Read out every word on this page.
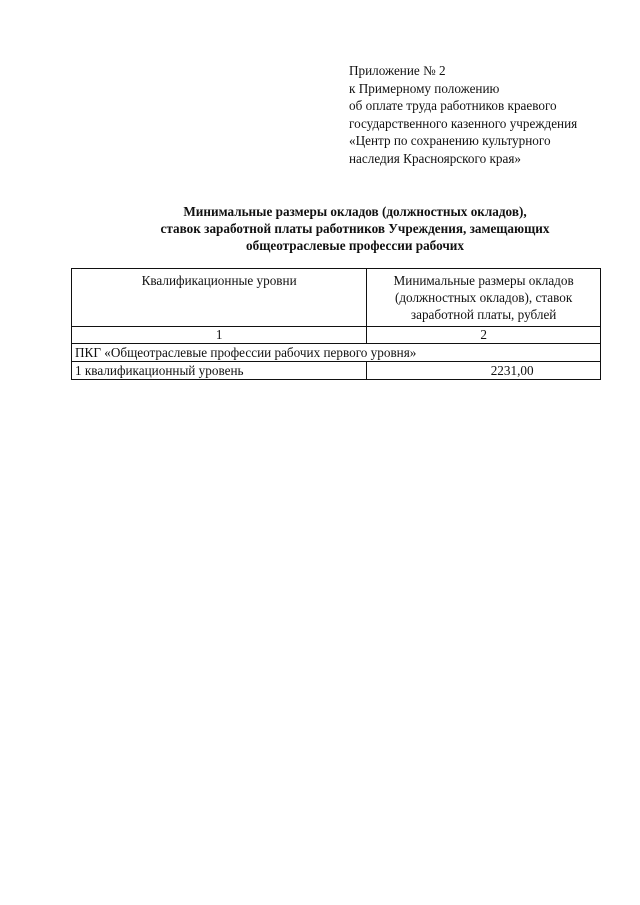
Приложение № 2
к Примерному положению
об оплате труда работников краевого
государственного казенного учреждения
«Центр по сохранению культурного
наследия Красноярского края»
Минимальные размеры окладов (должностных окладов),
ставок заработной платы работников Учреждения, замещающих
общеотраслевые профессии рабочих
Квалификационные уровни	Минимальные размеры окладов (должностных окладов), ставок заработной платы, рублей
1	2
ПКГ «Общеотраслевые профессии рабочих первого уровня»	
1 квалификационный уровень	2231,00
